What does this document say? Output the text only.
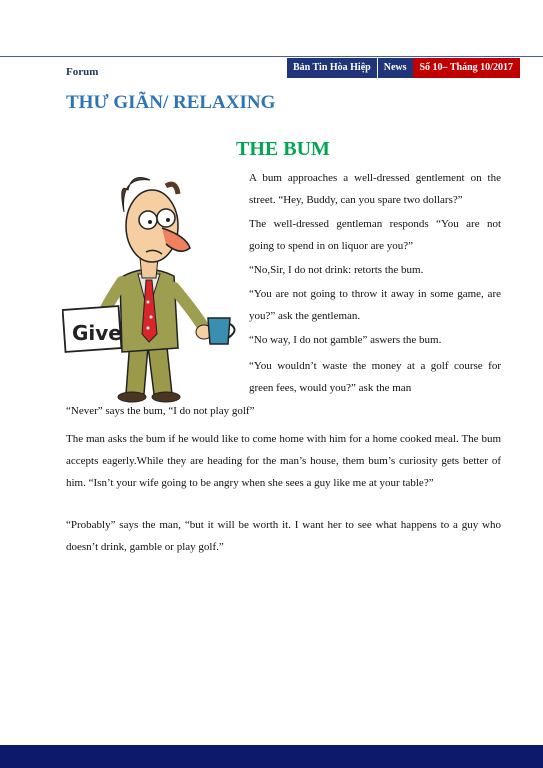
Forum	Bản Tin Hòa Hiệp	News	Số 10– Tháng 10/2017
THƯ GIÃN/ RELAXING
THE BUM
Give
A bum approaches a well-dressed gentlement on the street. “Hey, Buddy, can you spare two dollars?”
The well-dressed gentleman responds “You are not going to spend in on liquor are you?”
“No,Sir, I do not drink: retorts the bum.
“You are not going to throw it away in some game, are you?” ask the gentleman.
“No way, I do not gamble” aswers the bum.
“You wouldn’t waste the money at a golf course for green fees, would you?” ask the man
“Never” says the bum, “I do not play golf”
The man asks the bum if he would like to come home with him for a home cooked meal. The bum accepts eagerly.While they are heading for the man’s house, them bum’s curiosity gets better of him. “Isn’t your wife going to be angry when she sees a guy like me at your table?”
“Probably” says the man, “but it will be worth it. I want her to see what happens to a guy who doesn’t drink, gamble or play golf.”
